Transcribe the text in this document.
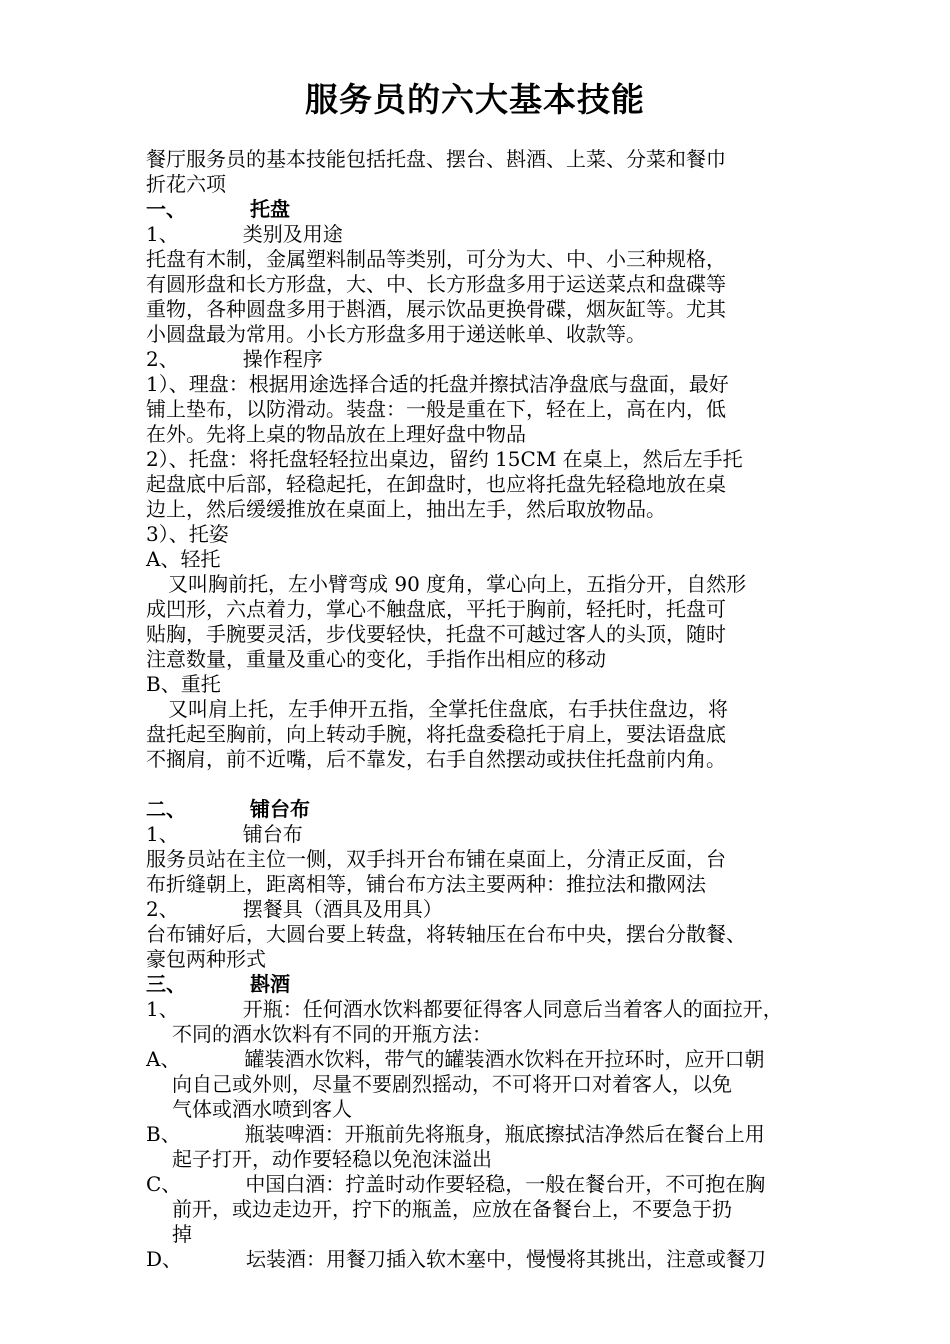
服务员的六大基本技能
餐厅服务员的基本技能包括托盘、摆台、斟酒、上菜、分菜和餐巾
折花六项
一、	托盘
1、	类别及用途
托盘有木制，金属塑料制品等类别，可分为大、中、小三种规格，
有圆形盘和长方形盘，大、中、长方形盘多用于运送菜点和盘碟等
重物，各种圆盘多用于斟酒，展示饮品更换骨碟，烟灰缸等。尤其
小圆盘最为常用。小长方形盘多用于递送帐单、收款等。
2、	操作程序
1）、理盘：根据用途选择合适的托盘并擦拭洁净盘底与盘面，最好
铺上垫布，以防滑动。装盘：一般是重在下，轻在上，高在内，低
在外。先将上桌的物品放在上理好盘中物品
2）、托盘：将托盘轻轻拉出桌边，留约 15CM 在桌上，然后左手托
起盘底中后部，轻稳起托，在卸盘时，也应将托盘先轻稳地放在桌
边上，然后缓缓推放在桌面上，抽出左手，然后取放物品。
3）、托姿
A、轻托
又叫胸前托，左小臂弯成 90 度角，掌心向上，五指分开，自然形
成凹形，六点着力，掌心不触盘底，平托于胸前，轻托时，托盘可
贴胸，手腕要灵活，步伐要轻快，托盘不可越过客人的头顶，随时
注意数量，重量及重心的变化，手指作出相应的移动
B、重托
又叫肩上托，左手伸开五指，全掌托住盘底，右手扶住盘边，将
盘托起至胸前，向上转动手腕，将托盘委稳托于肩上，要法语盘底
不搁肩，前不近嘴，后不靠发，右手自然摆动或扶住托盘前内角。
二、	铺台布
1、	铺台布
服务员站在主位一侧，双手抖开台布铺在桌面上，分清正反面，台
布折缝朝上，距离相等，铺台布方法主要两种：推拉法和撒网法
2、	摆餐具（酒具及用具）
台布铺好后，大圆台要上转盘，将转轴压在台布中央，摆台分散餐、
豪包两种形式
三、	斟酒
1、	开瓶：任何酒水饮料都要征得客人同意后当着客人的面拉开，
不同的酒水饮料有不同的开瓶方法：
A、	罐装酒水饮料，带气的罐装酒水饮料在开拉环时，应开口朝
向自己或外则，尽量不要剧烈摇动，不可将开口对着客人，以免
气体或酒水喷到客人
B、	瓶装啤酒：开瓶前先将瓶身，瓶底擦拭洁净然后在餐台上用
起子打开，动作要轻稳以免泡沫溢出
C、	中国白酒：拧盖时动作要轻稳，一般在餐台开，不可抱在胸
前开，或边走边开，拧下的瓶盖，应放在备餐台上，不要急于扔
掉
D、	坛装酒：用餐刀插入软木塞中，慢慢将其挑出，注意或餐刀
